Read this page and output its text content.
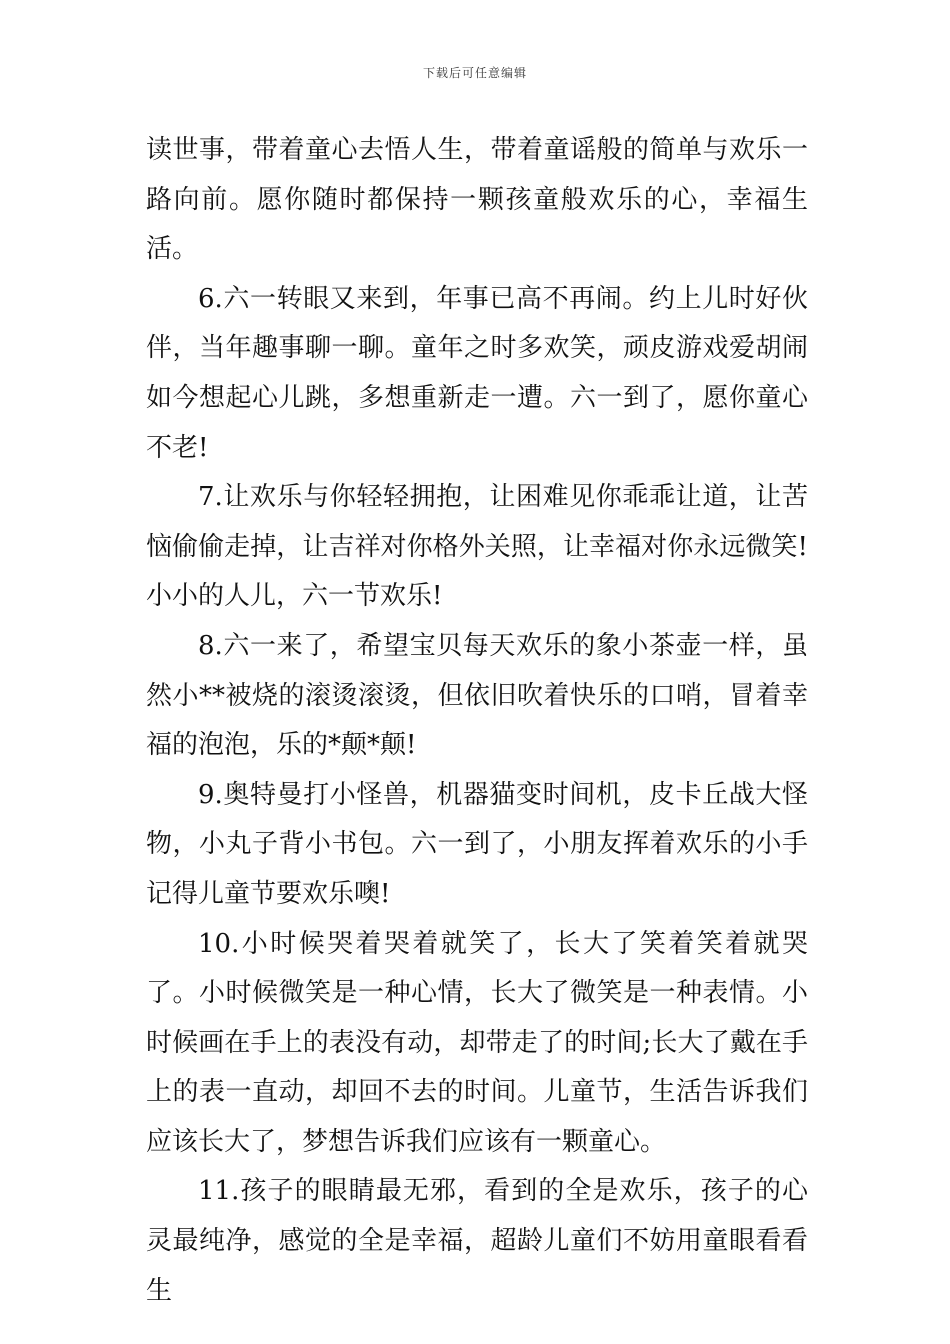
下载后可任意编辑

读世事，带着童心去悟人生，带着童谣般的简单与欢乐一路向前。愿你随时都保持一颗孩童般欢乐的心，幸福生活。

6.六一转眼又来到，年事已高不再闹。约上儿时好伙伴，当年趣事聊一聊。童年之时多欢笑，顽皮游戏爱胡闹如今想起心儿跳，多想重新走一遭。六一到了，愿你童心不老!

7.让欢乐与你轻轻拥抱，让困难见你乖乖让道，让苦恼偷偷走掉，让吉祥对你格外关照，让幸福对你永远微笑!小小的人儿，六一节欢乐!

8.六一来了，希望宝贝每天欢乐的象小茶壶一样，虽然小**被烧的滚烫滚烫，但依旧吹着快乐的口哨，冒着幸福的泡泡，乐的*颠*颠!

9.奥特曼打小怪兽，机器猫变时间机，皮卡丘战大怪物，小丸子背小书包。六一到了，小朋友挥着欢乐的小手记得儿童节要欢乐噢!

10.小时候哭着哭着就笑了，长大了笑着笑着就哭了。小时候微笑是一种心情，长大了微笑是一种表情。小时候画在手上的表没有动，却带走了的时间;长大了戴在手上的表一直动，却回不去的时间。儿童节，生活告诉我们应该长大了，梦想告诉我们应该有一颗童心。

11.孩子的眼睛最无邪，看到的全是欢乐，孩子的心灵最纯净，感觉的全是幸福，超龄儿童们不妨用童眼看看生
